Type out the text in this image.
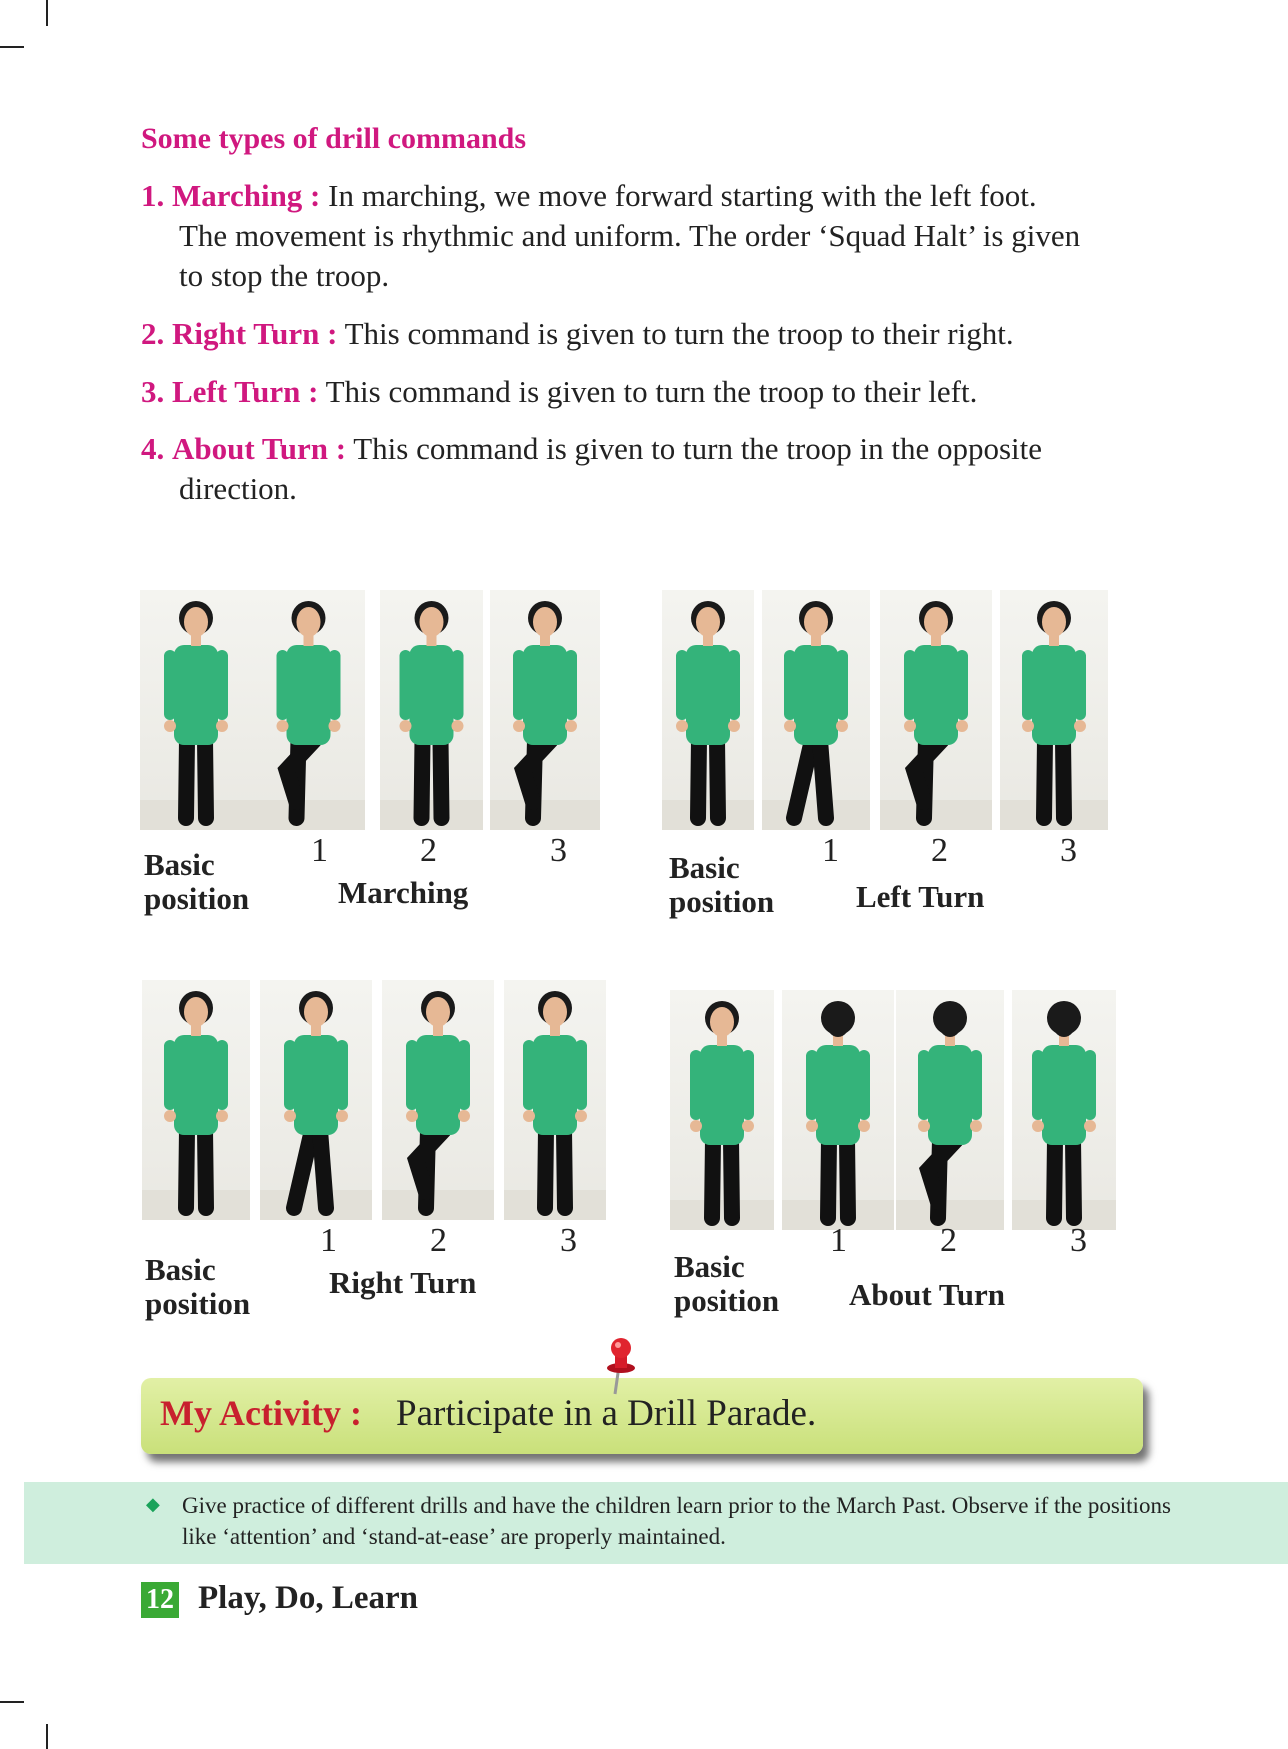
Some types of drill commands
1. Marching : In marching, we move forward starting with the left foot.
The movement is rhythmic and uniform. The order ‘Squad Halt’ is given
to stop the troop.
2. Right Turn : This command is given to turn the troop to their right.
3. Left Turn : This command is given to turn the troop to their left.
4. About Turn : This command is given to turn the troop in the opposite
direction.
Basic
position
1	2	3
Marching
Basic
position
1	2	3
Left Turn
Basic
position
1	2	3
Right Turn	Basic
position
1	2	3
About Turn
My Activity : Participate in a Drill Parade.
◆ Give practice of different drills and have the children learn prior to the March Past. Observe if the positions like ‘attention’ and ‘stand-at-ease’ are properly maintained.
12 Play, Do, Learn
